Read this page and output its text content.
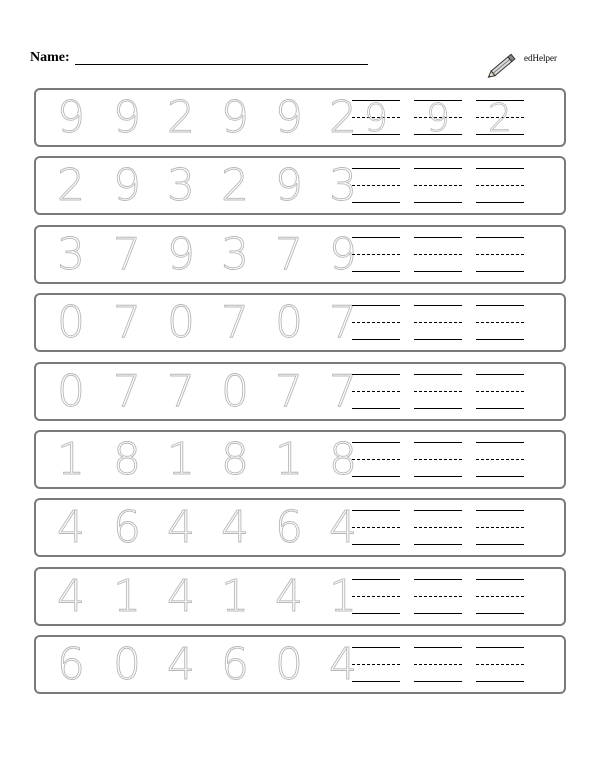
Name:	edHelper
9 9 2 9 9 2 9 9 2
2 9 3 2 9 3
3 7 9 3 7 9
0 7 0 7 0 7
0 7 7 0 7 7
1 8 1 8 1 8
4 6 4 4 6 4
4 1 4 1 4 1
6 0 4 6 0 4
